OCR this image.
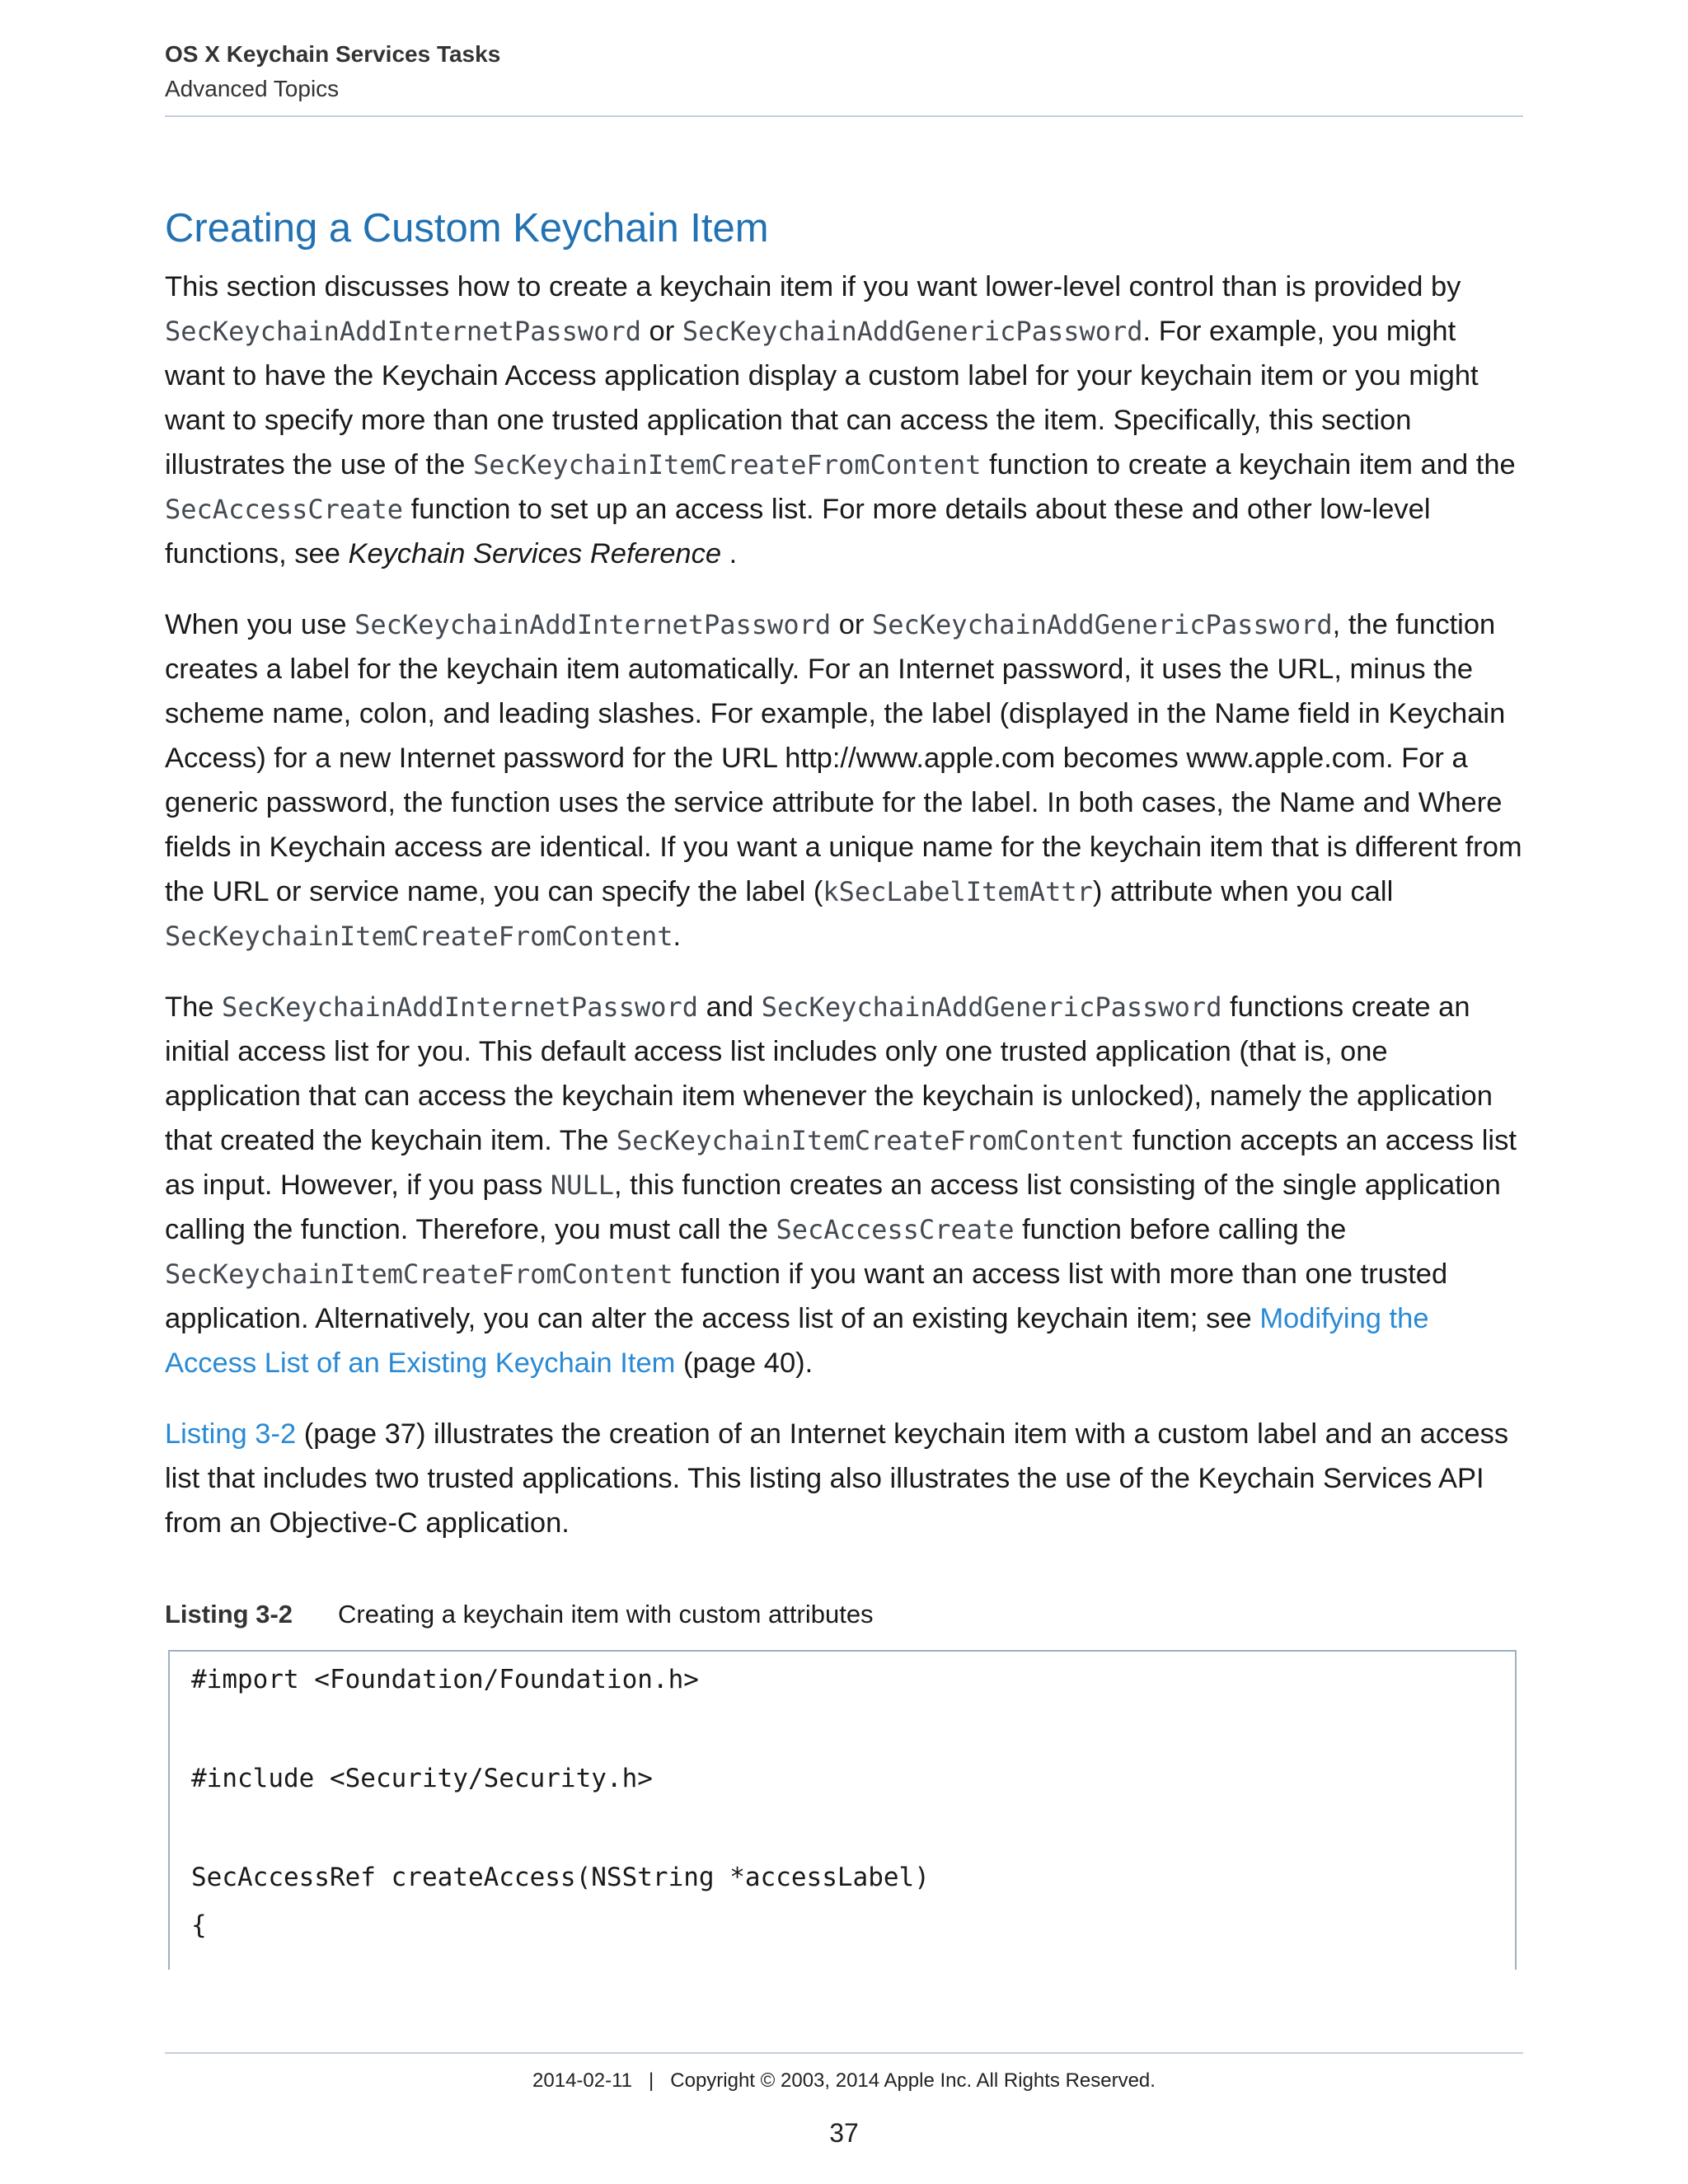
OS X Keychain Services Tasks
Advanced Topics
Creating a Custom Keychain Item

This section discusses how to create a keychain item if you want lower-level control than is provided by SecKeychainAddInternetPassword or SecKeychainAddGenericPassword. For example, you might want to have the Keychain Access application display a custom label for your keychain item or you might want to specify more than one trusted application that can access the item. Specifically, this section illustrates the use of the SecKeychainItemCreateFromContent function to create a keychain item and the SecAccessCreate function to set up an access list. For more details about these and other low-level functions, see Keychain Services Reference .

When you use SecKeychainAddInternetPassword or SecKeychainAddGenericPassword, the function creates a label for the keychain item automatically. For an Internet password, it uses the URL, minus the scheme name, colon, and leading slashes. For example, the label (displayed in the Name field in Keychain Access) for a new Internet password for the URL http://www.apple.com becomes www.apple.com. For a generic password, the function uses the service attribute for the label. In both cases, the Name and Where fields in Keychain access are identical. If you want a unique name for the keychain item that is different from the URL or service name, you can specify the label (kSecLabelItemAttr) attribute when you call SecKeychainItemCreateFromContent.

The SecKeychainAddInternetPassword and SecKeychainAddGenericPassword functions create an initial access list for you. This default access list includes only one trusted application (that is, one application that can access the keychain item whenever the keychain is unlocked), namely the application that created the keychain item. The SecKeychainItemCreateFromContent function accepts an access list as input. However, if you pass NULL, this function creates an access list consisting of the single application calling the function. Therefore, you must call the SecAccessCreate function before calling the SecKeychainItemCreateFromContent function if you want an access list with more than one trusted application. Alternatively, you can alter the access list of an existing keychain item; see Modifying the Access List of an Existing Keychain Item (page 40).

Listing 3-2 (page 37) illustrates the creation of an Internet keychain item with a custom label and an access list that includes two trusted applications. This listing also illustrates the use of the Keychain Services API from an Objective-C application.

Listing 3-2 Creating a keychain item with custom attributes
#import <Foundation/Foundation.h>
#include <Security/Security.h>
SecAccessRef createAccess(NSString *accessLabel)
{
2014-02-11   |   Copyright © 2003, 2014 Apple Inc. All Rights Reserved.
37
